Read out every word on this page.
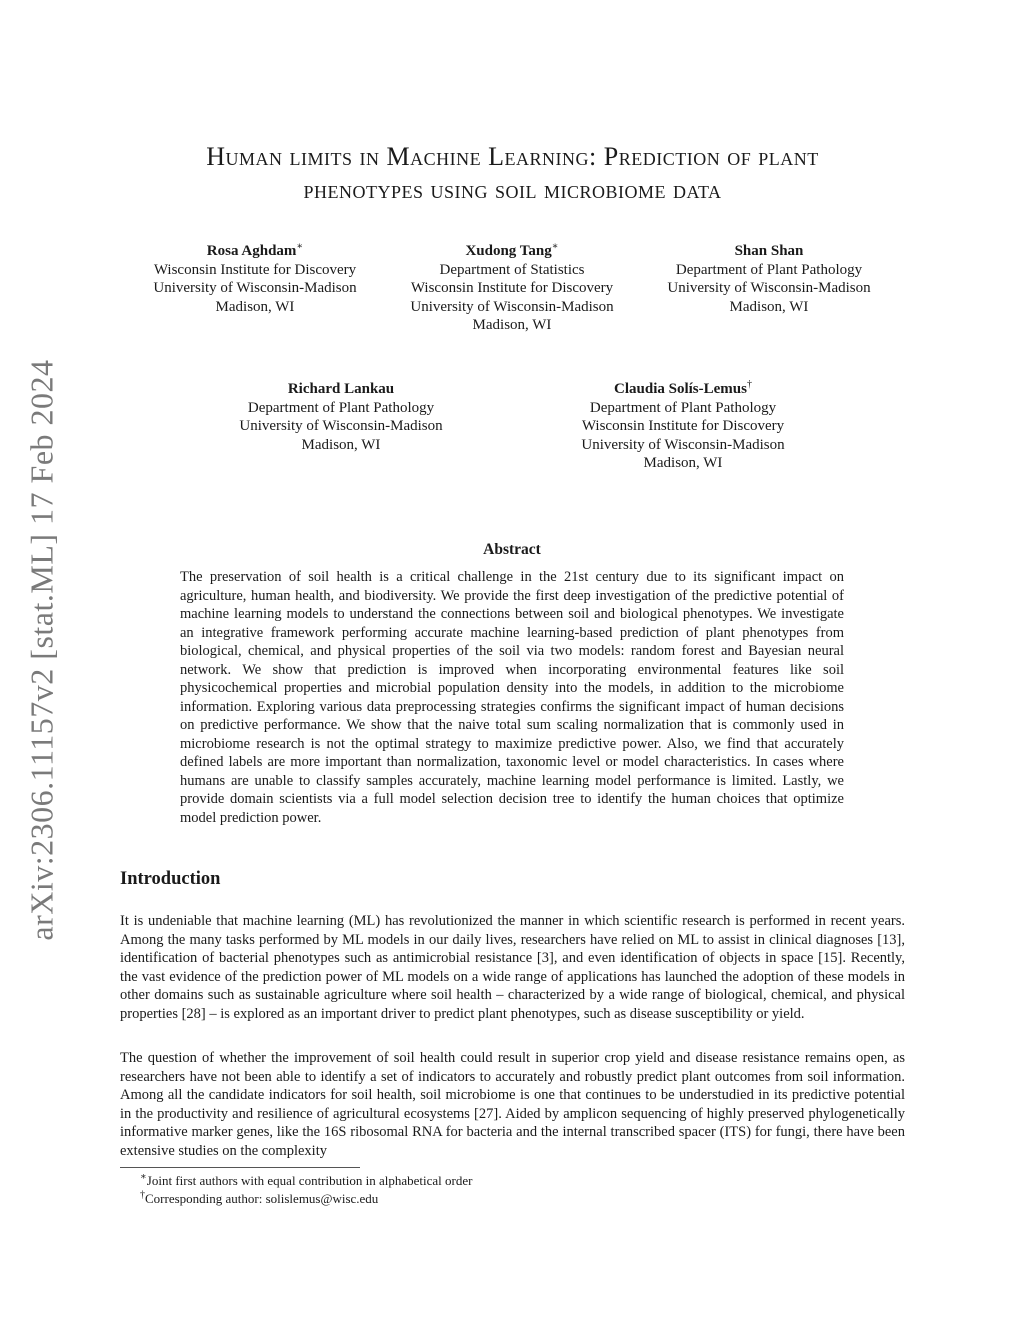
arXiv:2306.11157v2 [stat.ML] 17 Feb 2024
Human limits in Machine Learning: Prediction of plant
phenotypes using soil microbiome data
Rosa Aghdam∗
Wisconsin Institute for Discovery
University of Wisconsin-Madison
Madison, WI
Xudong Tang∗
Department of Statistics
Wisconsin Institute for Discovery
University of Wisconsin-Madison
Madison, WI
Shan Shan
Department of Plant Pathology
University of Wisconsin-Madison
Madison, WI
Richard Lankau
Department of Plant Pathology
University of Wisconsin-Madison
Madison, WI
Claudia Solís-Lemus†
Department of Plant Pathology
Wisconsin Institute for Discovery
University of Wisconsin-Madison
Madison, WI
Abstract
The preservation of soil health is a critical challenge in the 21st century due to its significant impact on agriculture, human health, and biodiversity. We provide the first deep investigation of the predictive potential of machine learning models to understand the connections between soil and biological phenotypes. We investigate an integrative framework performing accurate machine learning-based prediction of plant phenotypes from biological, chemical, and physical properties of the soil via two models: random forest and Bayesian neural network. We show that prediction is improved when incorporating environmental features like soil physicochemical properties and microbial population density into the models, in addition to the microbiome information. Exploring various data preprocessing strategies confirms the significant impact of human decisions on predictive performance. We show that the naive total sum scaling normalization that is commonly used in microbiome research is not the optimal strategy to maximize predictive power. Also, we find that accurately defined labels are more important than normalization, taxonomic level or model characteristics. In cases where humans are unable to classify samples accurately, machine learning model performance is limited. Lastly, we provide domain scientists via a full model selection decision tree to identify the human choices that optimize model prediction power.
Introduction
It is undeniable that machine learning (ML) has revolutionized the manner in which scientific research is performed in recent years. Among the many tasks performed by ML models in our daily lives, researchers have relied on ML to assist in clinical diagnoses [13], identification of bacterial phenotypes such as antimicrobial resistance [3], and even identification of objects in space [15]. Recently, the vast evidence of the prediction power of ML models on a wide range of applications has launched the adoption of these models in other domains such as sustainable agriculture where soil health – characterized by a wide range of biological, chemical, and physical properties [28] – is explored as an important driver to predict plant phenotypes, such as disease susceptibility or yield.
The question of whether the improvement of soil health could result in superior crop yield and disease resistance remains open, as researchers have not been able to identify a set of indicators to accurately and robustly predict plant outcomes from soil information. Among all the candidate indicators for soil health, soil microbiome is one that continues to be understudied in its predictive potential in the productivity and resilience of agricultural ecosystems [27]. Aided by amplicon sequencing of highly preserved phylogenetically informative marker genes, like the 16S ribosomal RNA for bacteria and the internal transcribed spacer (ITS) for fungi, there have been extensive studies on the complexity
∗Joint first authors with equal contribution in alphabetical order
†Corresponding author: solislemus@wisc.edu
